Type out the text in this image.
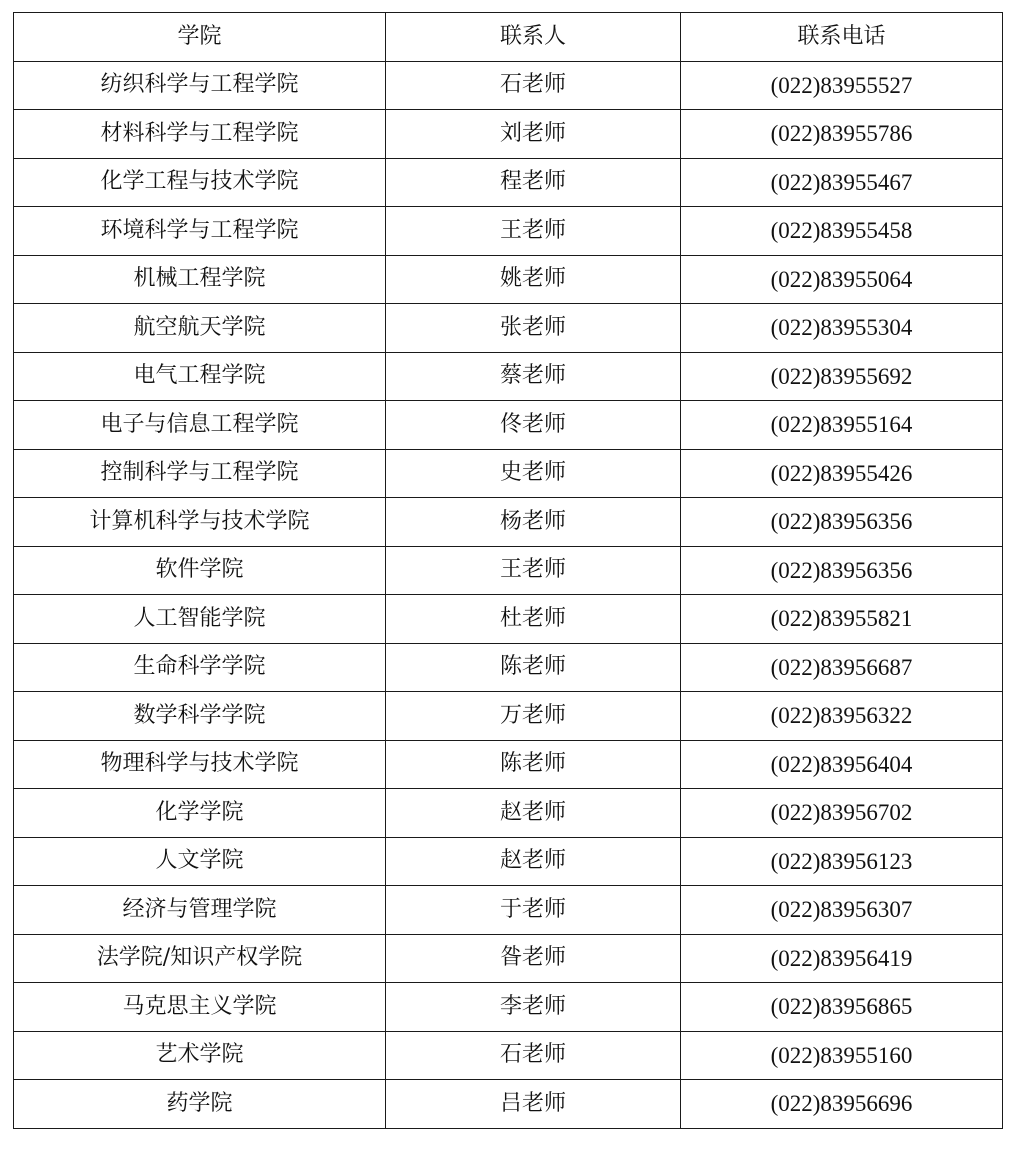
学院	联系人	联系电话
纺织科学与工程学院	石老师	(022)83955527
材料科学与工程学院	刘老师	(022)83955786
化学工程与技术学院	程老师	(022)83955467
环境科学与工程学院	王老师	(022)83955458
机械工程学院	姚老师	(022)83955064
航空航天学院	张老师	(022)83955304
电气工程学院	蔡老师	(022)83955692
电子与信息工程学院	佟老师	(022)83955164
控制科学与工程学院	史老师	(022)83955426
计算机科学与技术学院	杨老师	(022)83956356
软件学院	王老师	(022)83956356
人工智能学院	杜老师	(022)83955821
生命科学学院	陈老师	(022)83956687
数学科学学院	万老师	(022)83956322
物理科学与技术学院	陈老师	(022)83956404
化学学院	赵老师	(022)83956702
人文学院	赵老师	(022)83956123
经济与管理学院	于老师	(022)83956307
法学院/知识产权学院	昝老师	(022)83956419
马克思主义学院	李老师	(022)83956865
艺术学院	石老师	(022)83955160
药学院	吕老师	(022)83956696
